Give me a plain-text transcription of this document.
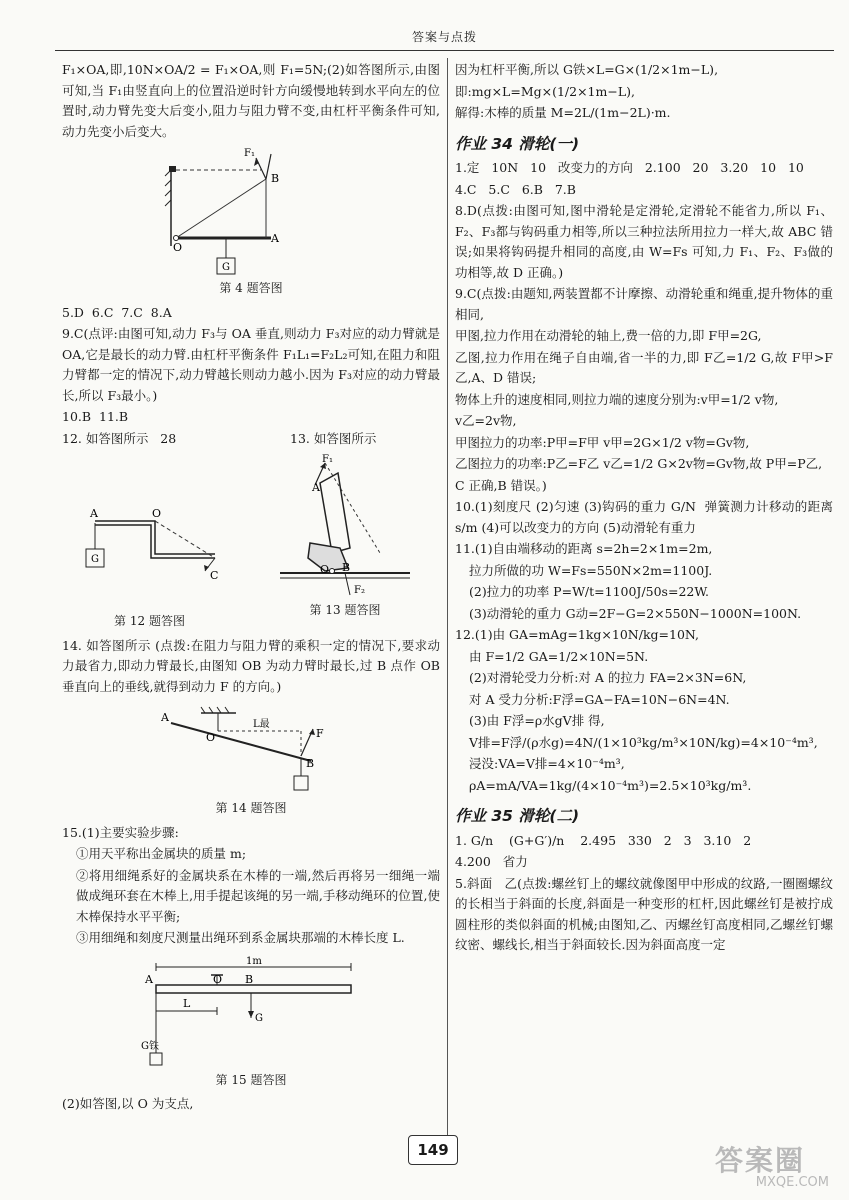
答案与点拨

F₁×OA,即,10N×OA/2 = F₁×OA,则 F₁=5N;(2)如答图所示,由图可知,当 F₁由竖直向上的位置沿逆时针方向缓慢地转到水平向左的位置时,动力臂先变大后变小,阻力与阻力臂不变,由杠杆平衡条件可知,动力先变小后变大。

F₁
B
O
A
G
第 4 题答图

5.D  6.C  7.C  8.A

9.C(点评:由图可知,动力 F₃与 OA 垂直,则动力 F₃对应的动力臂就是 OA,它是最长的动力臂.由杠杆平衡条件 F₁L₁=F₂L₂可知,在阻力和阻力臂都一定的情况下,动力臂越长则动力越小.因为 F₃对应的动力臂最长,所以 F₃最小。)

10.B  11.B

12. 如答图所示   28

A	O
G
C
第 12 题答图

13. 如答图所示

F₁
A
O B
F₂
第 13 题答图

14. 如答图所示 (点拨:在阻力与阻力臂的乘积一定的情况下,要求动力最省力,即动力臂最长,由图知 OB 为动力臂时最长,过 B 点作 OB 垂直向上的垂线,就得到动力 F 的方向。)

A
O
L最
F
B
第 14 题答图

15.(1)主要实验步骤:

①用天平称出金属块的质量 m;

②将用细绳系好的金属块系在木棒的一端,然后再将另一细绳一端做成绳环套在木棒上,用手提起该绳的另一端,手移动绳环的位置,使木棒保持水平平衡;

③用细绳和刻度尺测量出绳环到系金属块那端的木棒长度 L.

1m
A	O B
L
G铁
G
第 15 题答图

(2)如答图,以 O 为支点,

因为杠杆平衡,所以 G铁×L=G×(1/2×1m−L),

即:mg×L=Mg×(1/2×1m−L),

解得:木棒的质量 M=2L/(1m−2L)·m.

作业 34 滑轮(一)

1.定   10N   10   改变力的方向   2.100   20   3.20   10   10

4.C   5.C   6.B   7.B

8.D(点拨:由图可知,图中滑轮是定滑轮,定滑轮不能省力,所以 F₁、F₂、F₃都与钩码重力相等,所以三种拉法所用拉力一样大,故 ABC 错误;如果将钩码提升相同的高度,由 W=Fs 可知,力 F₁、F₂、F₃做的功相等,故 D 正确。)

9.C(点拨:由题知,两装置都不计摩擦、动滑轮重和绳重,提升物体的重相同,

甲图,拉力作用在动滑轮的轴上,费一倍的力,即 F甲=2G,

乙图,拉力作用在绳子自由端,省一半的力,即 F乙=1/2 G,故 F甲>F乙,A、D 错误;

物体上升的速度相同,则拉力端的速度分别为:v甲=1/2 v物,

v乙=2v物,

甲图拉力的功率:P甲=F甲 v甲=2G×1/2 v物=Gv物,

乙图拉力的功率:P乙=F乙 v乙=1/2 G×2v物=Gv物,故 P甲=P乙,

C 正确,B 错误。)

10.(1)刻度尺 (2)匀速 (3)钩码的重力 G/N  弹簧测力计移动的距离 s/m (4)可以改变力的方向 (5)动滑轮有重力

11.(1)自由端移动的距离 s=2h=2×1m=2m,

拉力所做的功 W=Fs=550N×2m=1100J.

(2)拉力的功率 P=W/t=1100J/50s=22W.

(3)动滑轮的重力 G动=2F−G=2×550N−1000N=100N.

12.(1)由 GA=mAg=1kg×10N/kg=10N,

由 F=1/2 GA=1/2×10N=5N.

(2)对滑轮受力分析:对 A 的拉力 FA=2×3N=6N,

对 A 受力分析:F浮=GA−FA=10N−6N=4N.

(3)由 F浮=ρ水gV排 得,

V排=F浮/(ρ水g)=4N/(1×10³kg/m³×10N/kg)=4×10⁻⁴m³,

浸没:VA=V排=4×10⁻⁴m³,

ρA=mA/VA=1kg/(4×10⁻⁴m³)=2.5×10³kg/m³.

作业 35 滑轮(二)

1. G/n    (G+G′)/n    2.495   330   2   3   3.10   2

4.200   省力

5.斜面   乙(点拨:螺丝钉上的螺纹就像图甲中形成的纹路,一圈圈螺纹的长相当于斜面的长度,斜面是一种变形的杠杆,因此螺丝钉是被拧成圆柱形的类似斜面的机械;由图知,乙、丙螺丝钉高度相同,乙螺丝钉螺纹密、螺线长,相当于斜面较长.因为斜面高度一定

149	答案圈
MXQE.COM
